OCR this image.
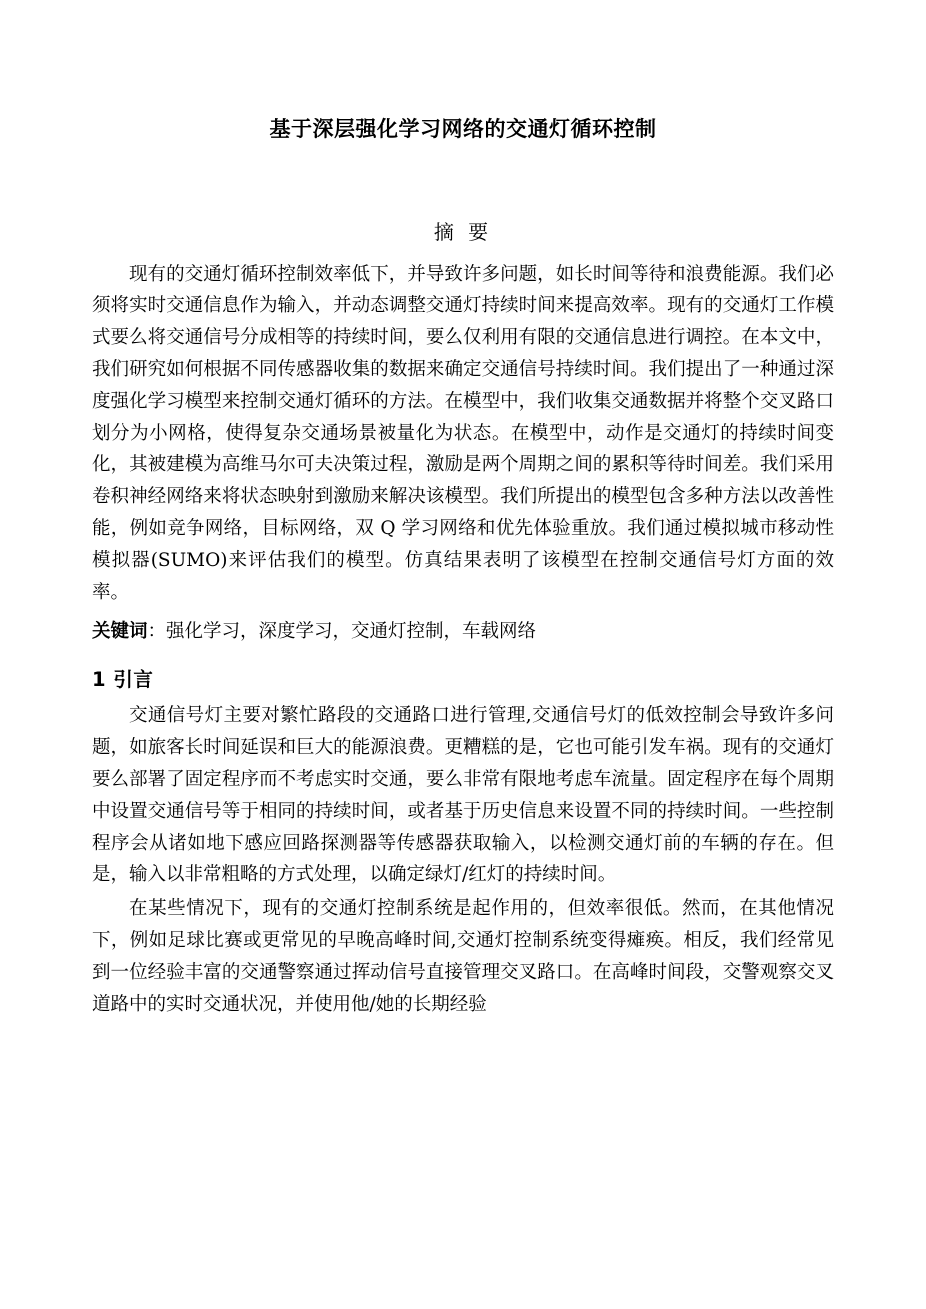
基于深层强化学习网络的交通灯循环控制
摘 要

现有的交通灯循环控制效率低下，并导致许多问题，如长时间等待和浪费能源。我们必须将实时交通信息作为输入，并动态调整交通灯持续时间来提高效率。现有的交通灯工作模式要么将交通信号分成相等的持续时间，要么仅利用有限的交通信息进行调控。在本文中，我们研究如何根据不同传感器收集的数据来确定交通信号持续时间。我们提出了一种通过深度强化学习模型来控制交通灯循环的方法。在模型中，我们收集交通数据并将整个交叉路口划分为小网格，使得复杂交通场景被量化为状态。在模型中，动作是交通灯的持续时间变化，其被建模为高维马尔可夫决策过程，激励是两个周期之间的累积等待时间差。我们采用卷积神经网络来将状态映射到激励来解决该模型。我们所提出的模型包含多种方法以改善性能，例如竞争网络，目标网络，双 Q 学习网络和优先体验重放。我们通过模拟城市移动性模拟器(SUMO)来评估我们的模型。仿真结果表明了该模型在控制交通信号灯方面的效率。

关键词：强化学习，深度学习，交通灯控制，车载网络
1 引言

交通信号灯主要对繁忙路段的交通路口进行管理,交通信号灯的低效控制会导致许多问题，如旅客长时间延误和巨大的能源浪费。更糟糕的是，它也可能引发车祸。现有的交通灯要么部署了固定程序而不考虑实时交通，要么非常有限地考虑车流量。固定程序在每个周期中设置交通信号等于相同的持续时间，或者基于历史信息来设置不同的持续时间。一些控制程序会从诸如地下感应回路探测器等传感器获取输入，以检测交通灯前的车辆的存在。但是，输入以非常粗略的方式处理，以确定绿灯/红灯的持续时间。

在某些情况下，现有的交通灯控制系统是起作用的，但效率很低。然而，在其他情况下，例如足球比赛或更常见的早晚高峰时间,交通灯控制系统变得瘫痪。相反，我们经常见到一位经验丰富的交通警察通过挥动信号直接管理交叉路口。在高峰时间段，交警观察交叉道路中的实时交通状况，并使用他/她的长期经验
